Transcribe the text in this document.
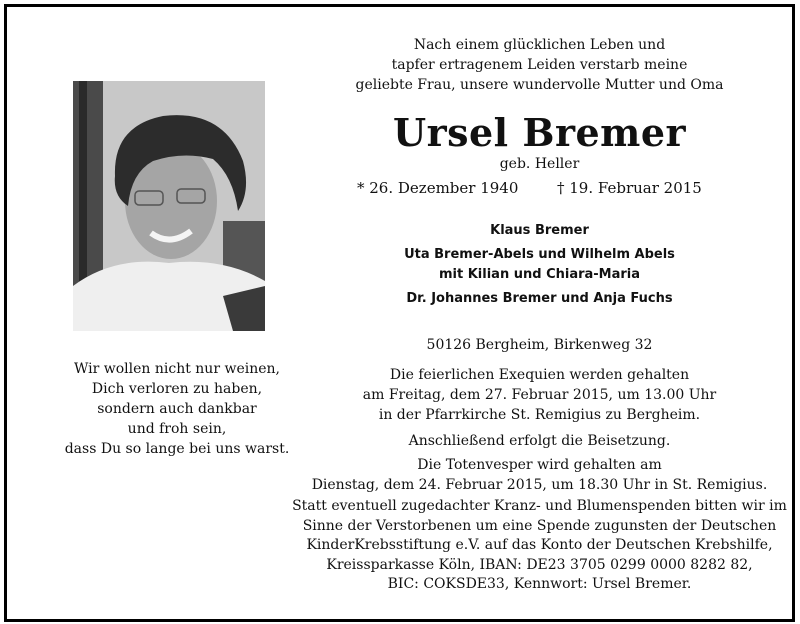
Wir wollen nicht nur weinen,
Dich verloren zu haben,
sondern auch dankbar
und froh sein,
dass Du so lange bei uns warst.
Nach einem glücklichen Leben und
tapfer ertragenem Leiden verstarb meine
geliebte Frau, unsere wundervolle Mutter und Oma
Ursel Bremer
geb. Heller
* 26. Dezember 1940	† 19. Februar 2015
Klaus Bremer
Uta Bremer-Abels und Wilhelm Abels
mit Kilian und Chiara-Maria
Dr. Johannes Bremer und Anja Fuchs
50126 Bergheim, Birkenweg 32
Die feierlichen Exequien werden gehalten
am Freitag, dem 27. Februar 2015, um 13.00 Uhr
in der Pfarrkirche St. Remigius zu Bergheim.
Anschließend erfolgt die Beisetzung.
Die Totenvesper wird gehalten am
Dienstag, dem 24. Februar 2015, um 18.30 Uhr in St. Remigius.
Statt eventuell zugedachter Kranz- und Blumenspenden bitten wir im
Sinne der Verstorbenen um eine Spende zugunsten der Deutschen
KinderKrebsstiftung e.V. auf das Konto der Deutschen Krebshilfe,
Kreissparkasse Köln, IBAN: DE23 3705 0299 0000 8282 82,
BIC: COKSDE33, Kennwort: Ursel Bremer.
